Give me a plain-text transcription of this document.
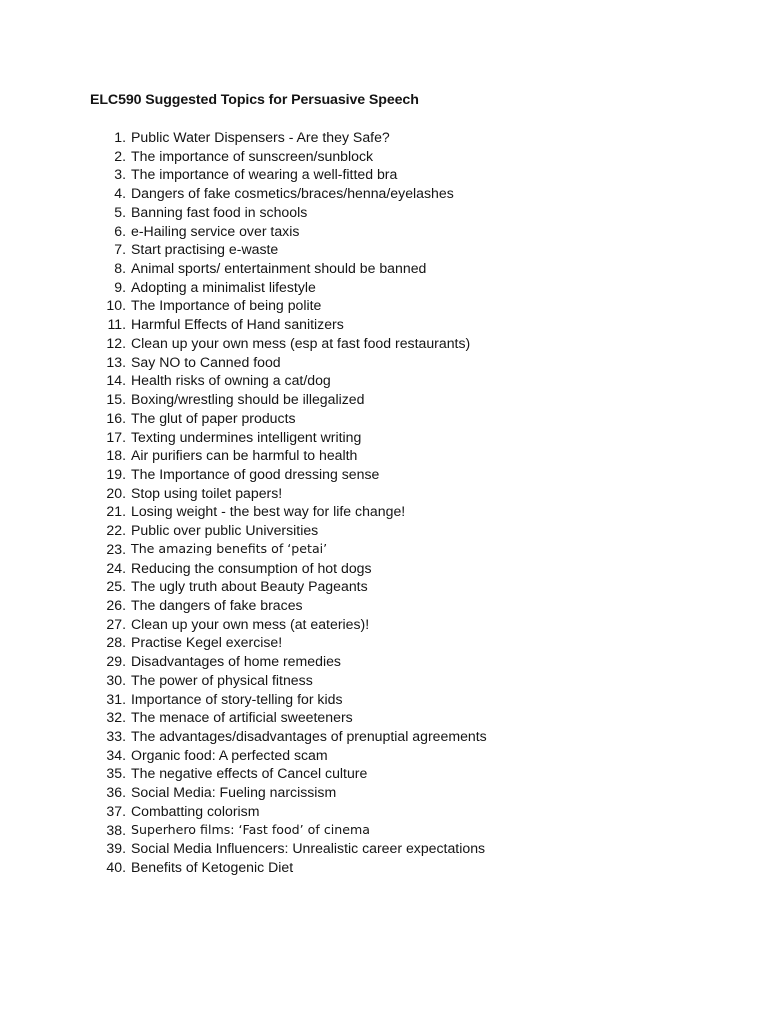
ELC590 Suggested Topics for Persuasive Speech
1. Public Water Dispensers - Are they Safe?
2. The importance of sunscreen/sunblock
3. The importance of wearing a well-fitted bra
4. Dangers of fake cosmetics/braces/henna/eyelashes
5. Banning fast food in schools
6. e-Hailing service over taxis
7. Start practising e-waste
8. Animal sports/ entertainment should be banned
9. Adopting a minimalist lifestyle
10. The Importance of being polite
11. Harmful Effects of Hand sanitizers
12. Clean up your own mess (esp at fast food restaurants)
13. Say NO to Canned food
14. Health risks of owning a cat/dog
15. Boxing/wrestling should be illegalized
16. The glut of paper products
17. Texting undermines intelligent writing
18. Air purifiers can be harmful to health
19. The Importance of good dressing sense
20. Stop using toilet papers!
21. Losing weight - the best way for life change!
22. Public over public Universities
23. The amazing benefits of ‘petai’
24. Reducing the consumption of hot dogs
25. The ugly truth about Beauty Pageants
26. The dangers of fake braces
27. Clean up your own mess (at eateries)!
28. Practise Kegel exercise!
29. Disadvantages of home remedies
30. The power of physical fitness
31. Importance of story-telling for kids
32. The menace of artificial sweeteners
33. The advantages/disadvantages of prenuptial agreements
34. Organic food: A perfected scam
35. The negative effects of Cancel culture
36. Social Media: Fueling narcissism
37. Combatting colorism
38. Superhero films: ‘Fast food’ of cinema
39. Social Media Influencers: Unrealistic career expectations
40. Benefits of Ketogenic Diet
